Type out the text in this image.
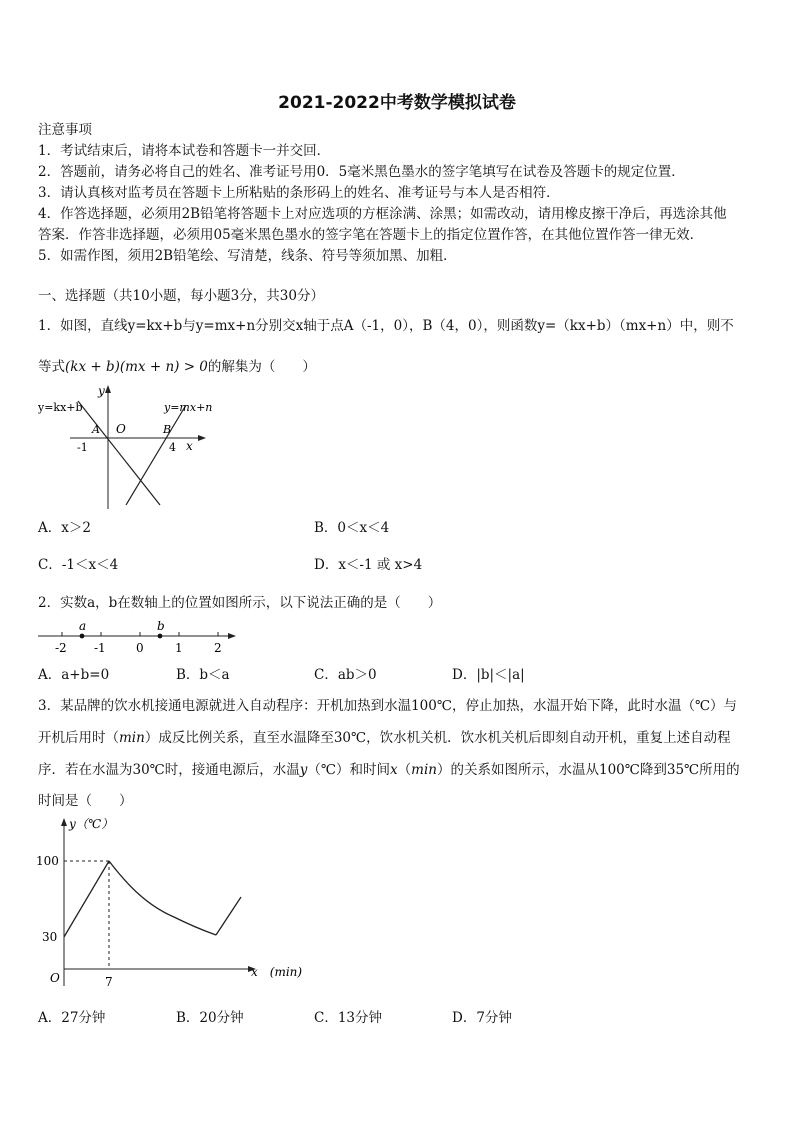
2021-2022中考数学模拟试卷
注意事项
1．考试结束后，请将本试卷和答题卡一并交回．
2．答题前，请务必将自己的姓名、准考证号用0．5毫米黑色墨水的签字笔填写在试卷及答题卡的规定位置．
3．请认真核对监考员在答题卡上所粘贴的条形码上的姓名、准考证号与本人是否相符．
4．作答选择题，必须用2B铅笔将答题卡上对应选项的方框涂满、涂黑；如需改动，请用橡皮擦干净后，再选涂其他
答案．作答非选择题，必须用05毫米黑色墨水的签字笔在答题卡上的指定位置作答，在其他位置作答一律无效．
5．如需作图，须用2B铅笔绘、写清楚，线条、符号等须加黑、加粗．
一、选择题（共10小题，每小题3分，共30分）
1．如图，直线y=kx+b与y=mx+n分别交x轴于点A（-1，0），B（4，0），则函数y=（kx+b）（mx+n）中，则不
等式(kx + b)(mx + n) > 0的解集为（　　）
y=kx+b	y=mx+n
y
x
A O	B
-1	4
A．x＞2	B．0＜x＜4
C．-1＜x＜4	D．x＜-1 或 x>4
2．实数a，b在数轴上的位置如图所示，以下说法正确的是（　　）
a	b
-2 -1	0	1	2
A．a+b=0	B．b＜a	C．ab＞0	D．|b|＜|a|
3．某品牌的饮水机接通电源就进入自动程序：开机加热到水温100℃，停止加热，水温开始下降，此时水温（℃）与
开机后用时（min）成反比例关系，直至水温降至30℃，饮水机关机．饮水机关机后即刻自动开机，重复上述自动程
序．若在水温为30℃时，接通电源后，水温y（℃）和时间x（min）的关系如图所示，水温从100℃降到35℃所用的
时间是（　　）
y（℃）
x　(min)
100
30
7
O
A．27分钟	B．20分钟	C．13分钟	D．7分钟
